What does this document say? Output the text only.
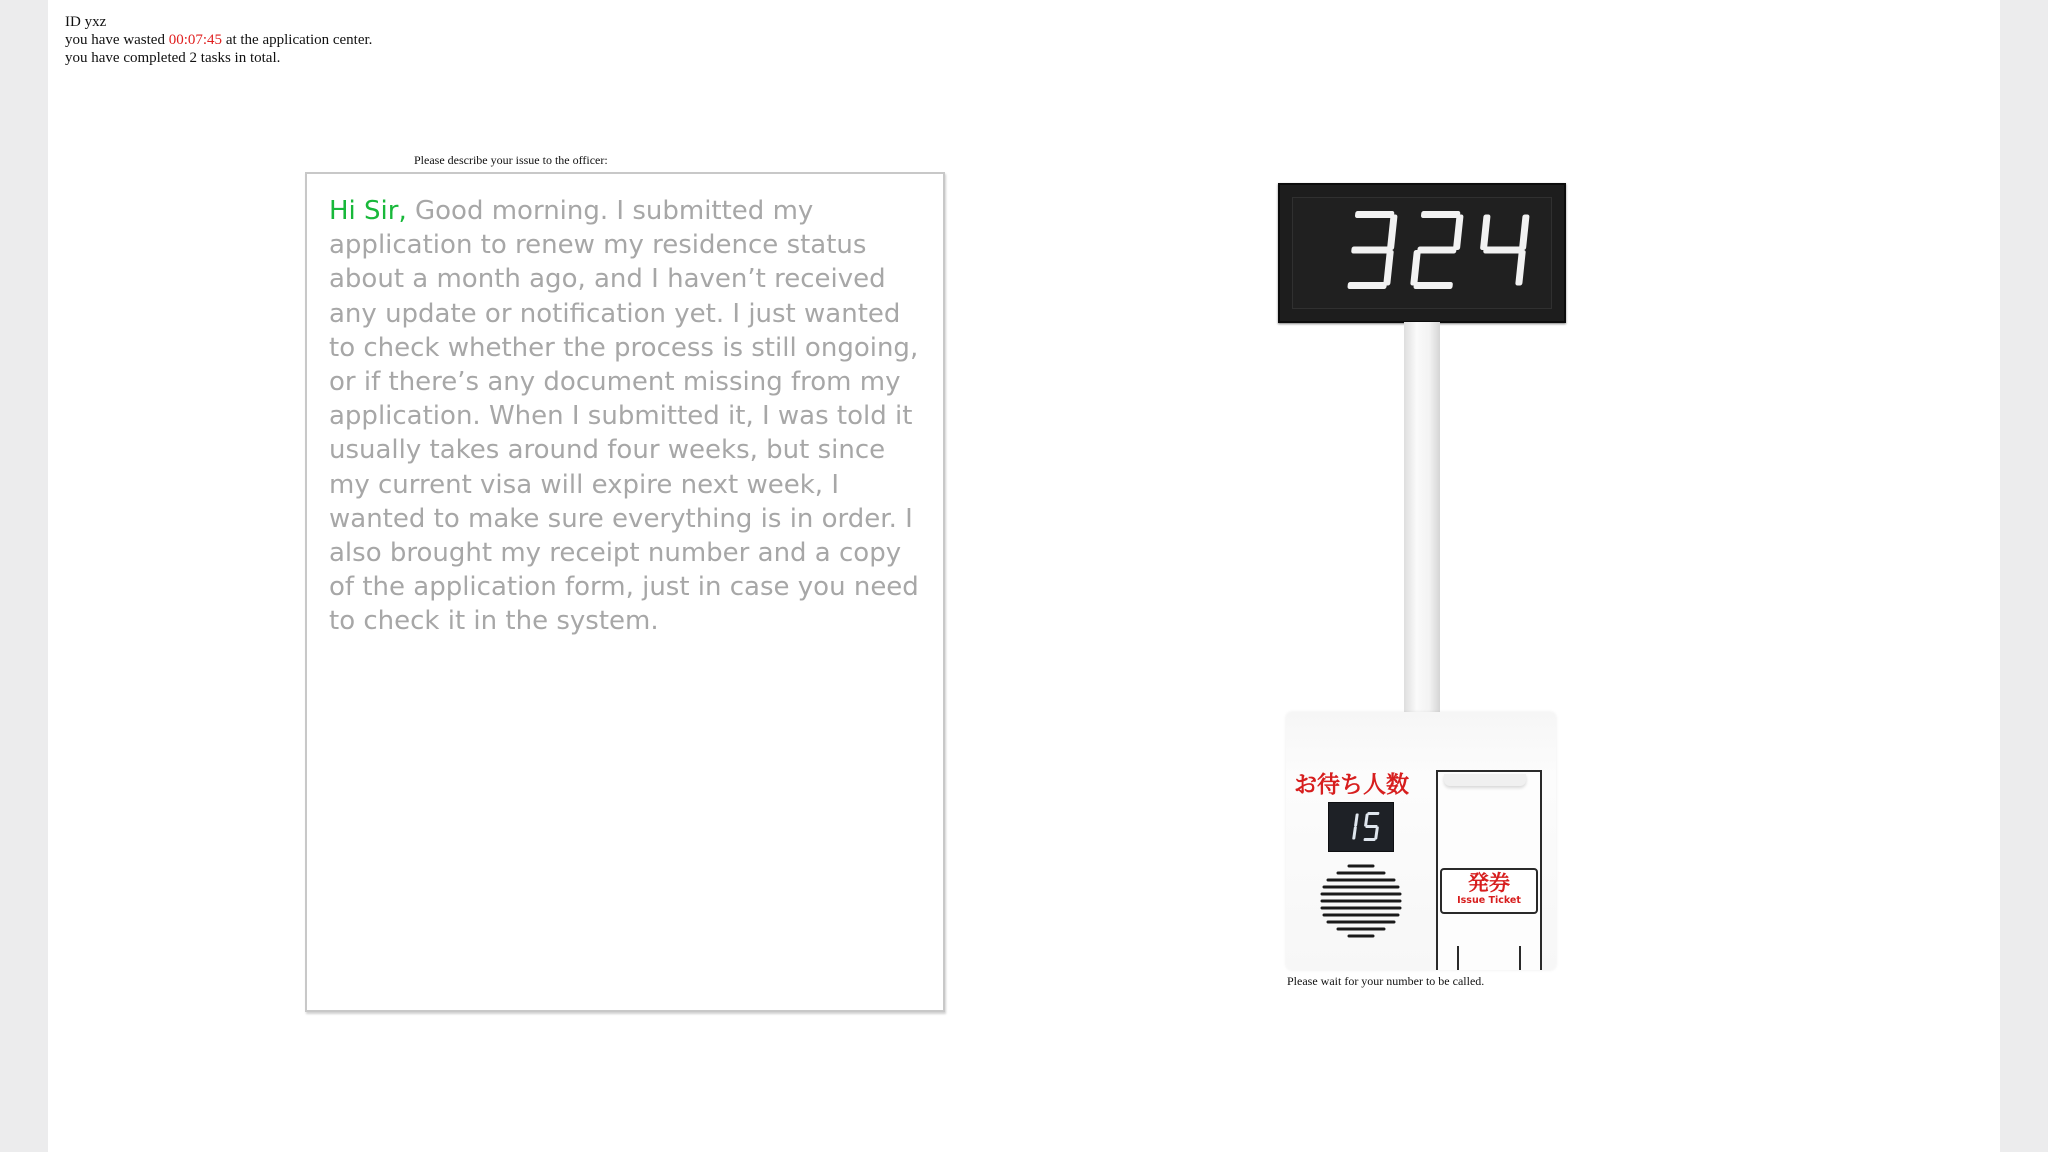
ID yxz
you have wasted 00:07:45 at the application center.
you have completed 2 tasks in total.
Please describe your issue to the officer:
Hi Sir, Good morning. I submitted my application to renew my residence status about a month ago, and I haven’t received any update or notification yet. I just wanted to check whether the process is still ongoing, or if there’s any document missing from my application. When I submitted it, I was told it usually takes around four weeks, but since my current visa will expire next week, I wanted to make sure everything is in order. I also brought my receipt number and a copy of the application form, just in case you need to check it in the system.
お待ち人数
発券
Issue Ticket
Please wait for your number to be called.
